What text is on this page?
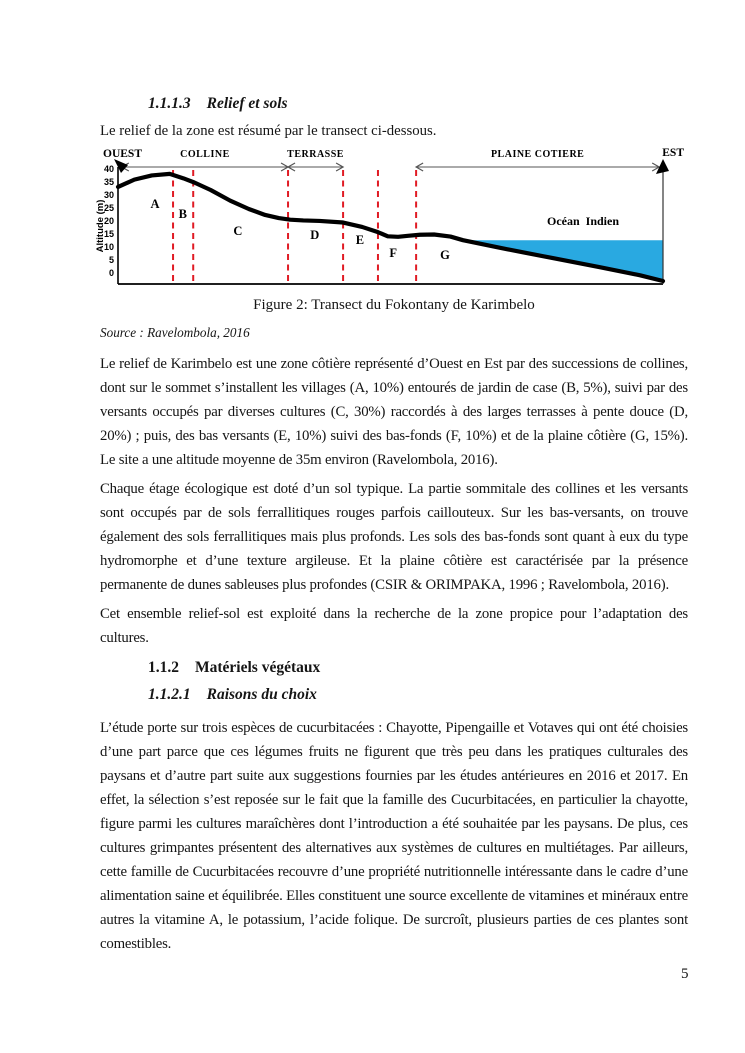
1.1.1.3 Relief et sols

Le relief de la zone est résumé par le transect ci-dessous.

40
35
30
25
20
15
10
5
0
Altitude (m)
COLLINE	TERRASSE	PLAINE COTIERE
OUEST	EST
A
B
C	D	E
F	G
Océan Indien

Figure 2: Transect du Fokontany de Karimbelo

Source : Ravelombola, 2016

Le relief de Karimbelo est une zone côtière représenté d’Ouest en Est par des successions de collines, dont sur le sommet s’installent les villages (A, 10%) entourés de jardin de case (B, 5%), suivi par des versants occupés par diverses cultures (C, 30%) raccordés à des larges terrasses à pente douce (D, 20%) ; puis, des bas versants (E, 10%) suivi des bas-fonds (F, 10%) et de la plaine côtière (G, 15%). Le site a une altitude moyenne de 35m environ (Ravelombola, 2016).

Chaque étage écologique est doté d’un sol typique. La partie sommitale des collines et les versants sont occupés par de sols ferrallitiques rouges parfois caillouteux. Sur les bas-versants, on trouve également des sols ferrallitiques mais plus profonds. Les sols des bas-fonds sont quant à eux du type hydromorphe et d’une texture argileuse. Et la plaine côtière est caractérisée par la présence permanente de dunes sableuses plus profondes (CSIR & ORIMPAKA, 1996 ; Ravelombola, 2016).

Cet ensemble relief-sol est exploité dans la recherche de la zone propice pour l’adaptation des cultures.

1.1.2 Matériels végétaux
1.1.2.1 Raisons du choix

L’étude porte sur trois espèces de cucurbitacées : Chayotte, Pipengaille et Votaves qui ont été choisies d’une part parce que ces légumes fruits ne figurent que très peu dans les pratiques culturales des paysans et d’autre part suite aux suggestions fournies par les études antérieures en 2016 et 2017. En effet, la sélection s’est reposée sur le fait que la famille des Cucurbitacées, en particulier la chayotte, figure parmi les cultures maraîchères dont l’introduction a été souhaitée par les paysans. De plus, ces cultures grimpantes présentent des alternatives aux systèmes de cultures en multiétages. Par ailleurs, cette famille de Cucurbitacées recouvre d’une propriété nutritionnelle intéressante dans le cadre d’une alimentation saine et équilibrée. Elles constituent une source excellente de vitamines et minéraux entre autres la vitamine A, le potassium, l’acide folique. De surcroît, plusieurs parties de ces plantes sont comestibles.

5
